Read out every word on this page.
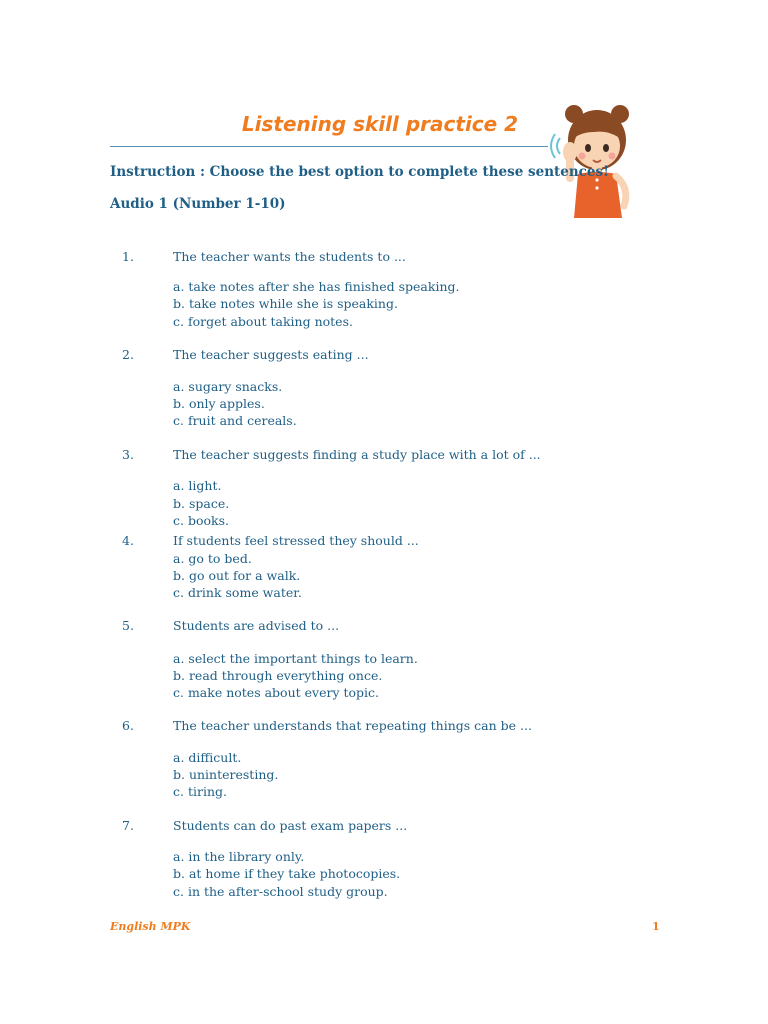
Listening skill practice 2
Instruction : Choose the best option to complete these sentences!
Audio 1 (Number 1-10)
1.	The teacher wants the students to ...
a. take notes after she has finished speaking.
b. take notes while she is speaking.
c. forget about taking notes.
2.	The teacher suggests eating ...
a. sugary snacks.
b. only apples.
c. fruit and cereals.
3.	The teacher suggests finding a study place with a lot of ...
a. light.
b. space.
c. books.
4.	If students feel stressed they should ...
a. go to bed.
b. go out for a walk.
c. drink some water.
5.	Students are advised to ...
a. select the important things to learn.
b. read through everything once.
c. make notes about every topic.
6.	The teacher understands that repeating things can be ...
a. difficult.
b. uninteresting.
c. tiring.
7.	Students can do past exam papers ...
a. in the library only.
b. at home if they take photocopies.
c. in the after-school study group.
English MPK	1
